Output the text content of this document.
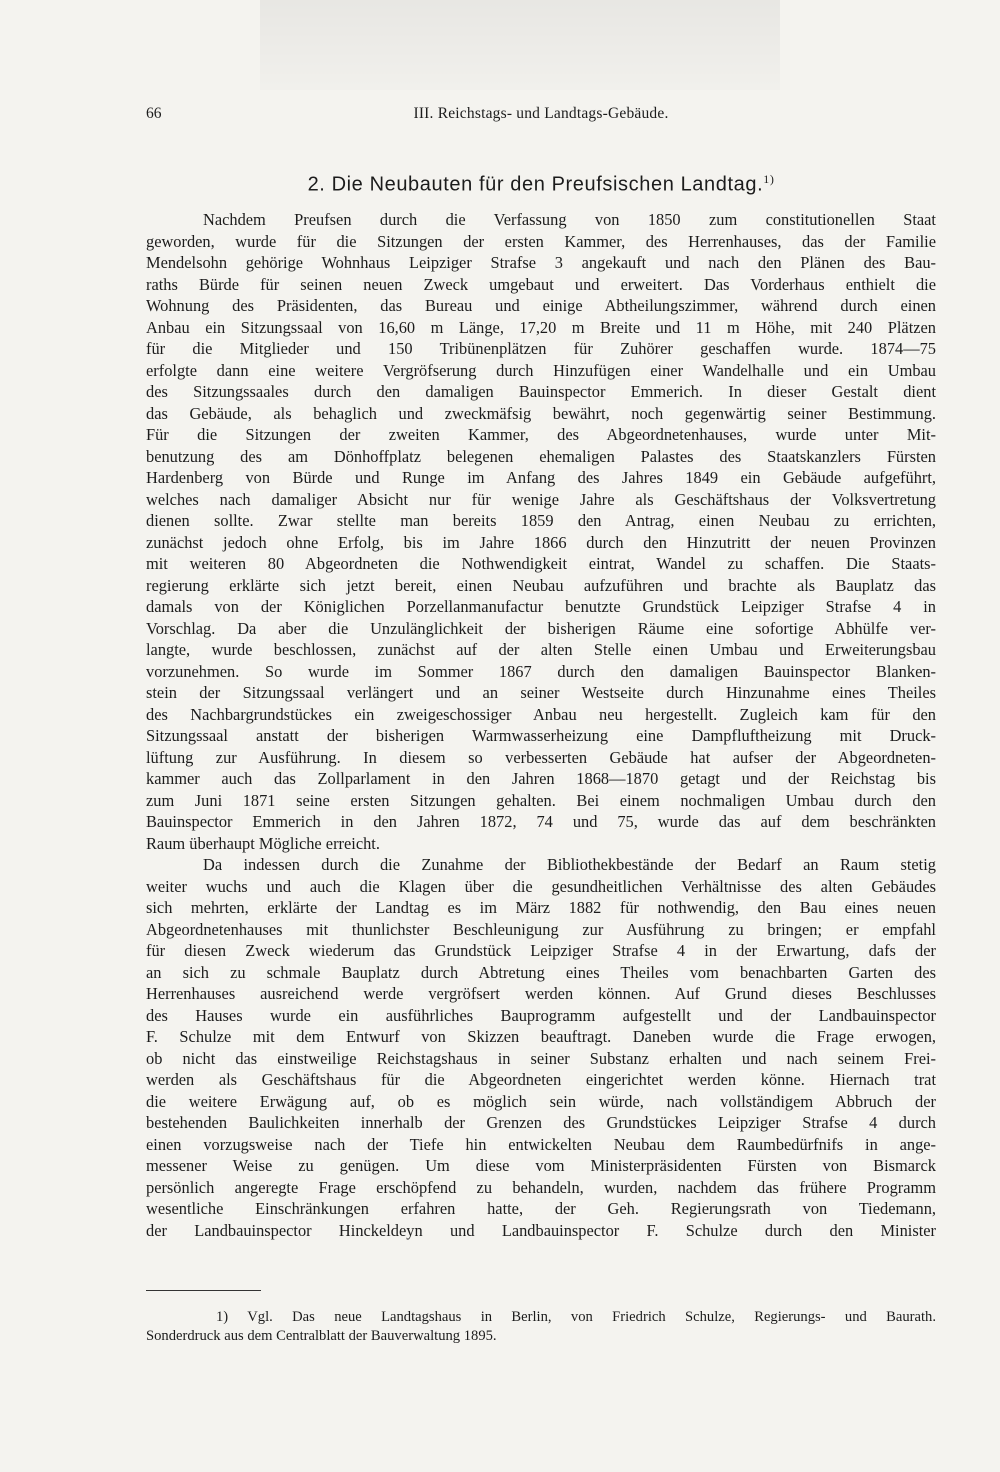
66	III. Reichstags- und Landtags-Gebäude.
2. Die Neubauten für den Preufsischen Landtag.$^{1)}$
Nachdem Preufsen durch die Verfassung von 1850 zum constitutionellen Staat
geworden, wurde für die Sitzungen der ersten Kammer, des Herrenhauses, das der Familie
Mendelsohn gehörige Wohnhaus Leipziger Strafse 3 angekauft und nach den Plänen des Bau-
raths Bürde für seinen neuen Zweck umgebaut und erweitert. Das Vorderhaus enthielt die
Wohnung des Präsidenten, das Bureau und einige Abtheilungszimmer, während durch einen
Anbau ein Sitzungssaal von 16,60 m Länge, 17,20 m Breite und 11 m Höhe, mit 240 Plätzen
für die Mitglieder und 150 Tribünenplätzen für Zuhörer geschaffen wurde. 1874—75
erfolgte dann eine weitere Vergröfserung durch Hinzufügen einer Wandelhalle und ein Umbau
des Sitzungssaales durch den damaligen Bauinspector Emmerich. In dieser Gestalt dient
das Gebäude, als behaglich und zweckmäfsig bewährt, noch gegenwärtig seiner Bestimmung.
Für die Sitzungen der zweiten Kammer, des Abgeordnetenhauses, wurde unter Mit-
benutzung des am Dönhoffplatz belegenen ehemaligen Palastes des Staatskanzlers Fürsten
Hardenberg von Bürde und Runge im Anfang des Jahres 1849 ein Gebäude aufgeführt,
welches nach damaliger Absicht nur für wenige Jahre als Geschäftshaus der Volksvertretung
dienen sollte. Zwar stellte man bereits 1859 den Antrag, einen Neubau zu errichten,
zunächst jedoch ohne Erfolg, bis im Jahre 1866 durch den Hinzutritt der neuen Provinzen
mit weiteren 80 Abgeordneten die Nothwendigkeit eintrat, Wandel zu schaffen. Die Staats-
regierung erklärte sich jetzt bereit, einen Neubau aufzuführen und brachte als Bauplatz das
damals von der Königlichen Porzellanmanufactur benutzte Grundstück Leipziger Strafse 4 in
Vorschlag. Da aber die Unzulänglichkeit der bisherigen Räume eine sofortige Abhülfe ver-
langte, wurde beschlossen, zunächst auf der alten Stelle einen Umbau und Erweiterungsbau
vorzunehmen. So wurde im Sommer 1867 durch den damaligen Bauinspector Blanken-
stein der Sitzungssaal verlängert und an seiner Westseite durch Hinzunahme eines Theiles
des Nachbargrundstückes ein zweigeschossiger Anbau neu hergestellt. Zugleich kam für den
Sitzungssaal anstatt der bisherigen Warmwasserheizung eine Dampfluftheizung mit Druck-
lüftung zur Ausführung. In diesem so verbesserten Gebäude hat aufser der Abgeordneten-
kammer auch das Zollparlament in den Jahren 1868—1870 getagt und der Reichstag bis
zum Juni 1871 seine ersten Sitzungen gehalten. Bei einem nochmaligen Umbau durch den
Bauinspector Emmerich in den Jahren 1872, 74 und 75, wurde das auf dem beschränkten
Raum überhaupt Mögliche erreicht.
Da indessen durch die Zunahme der Bibliothekbestände der Bedarf an Raum stetig
weiter wuchs und auch die Klagen über die gesundheitlichen Verhältnisse des alten Gebäudes
sich mehrten, erklärte der Landtag es im März 1882 für nothwendig, den Bau eines neuen
Abgeordnetenhauses mit thunlichster Beschleunigung zur Ausführung zu bringen; er empfahl
für diesen Zweck wiederum das Grundstück Leipziger Strafse 4 in der Erwartung, dafs der
an sich zu schmale Bauplatz durch Abtretung eines Theiles vom benachbarten Garten des
Herrenhauses ausreichend werde vergröfsert werden können. Auf Grund dieses Beschlusses
des Hauses wurde ein ausführliches Bauprogramm aufgestellt und der Landbauinspector
F. Schulze mit dem Entwurf von Skizzen beauftragt. Daneben wurde die Frage erwogen,
ob nicht das einstweilige Reichstagshaus in seiner Substanz erhalten und nach seinem Frei-
werden als Geschäftshaus für die Abgeordneten eingerichtet werden könne. Hiernach trat
die weitere Erwägung auf, ob es möglich sein würde, nach vollständigem Abbruch der
bestehenden Baulichkeiten innerhalb der Grenzen des Grundstückes Leipziger Strafse 4 durch
einen vorzugsweise nach der Tiefe hin entwickelten Neubau dem Raumbedürfnifs in ange-
messener Weise zu genügen. Um diese vom Ministerpräsidenten Fürsten von Bismarck
persönlich angeregte Frage erschöpfend zu behandeln, wurden, nachdem das frühere Programm
wesentliche Einschränkungen erfahren hatte, der Geh. Regierungsrath von Tiedemann,
der Landbauinspector Hinckeldeyn und Landbauinspector F. Schulze durch den Minister
1) Vgl. Das neue Landtagshaus in Berlin, von Friedrich Schulze, Regierungs- und Baurath.
Sonderdruck aus dem Centralblatt der Bauverwaltung 1895.
